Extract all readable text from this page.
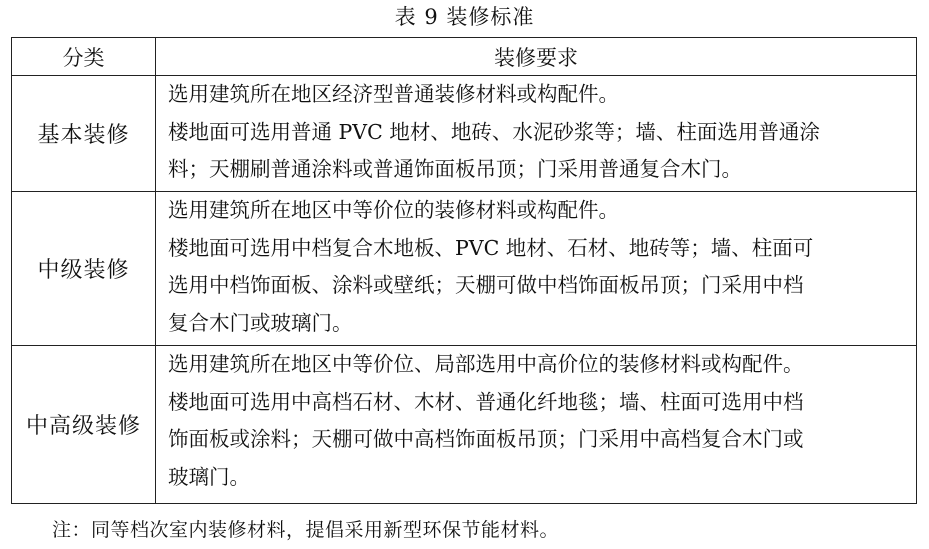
表 9 装修标准
分类	装修要求
基本装修	选用建筑所在地区经济型普通装修材料或构配件。
楼地面可选用普通 PVC 地材、地砖、水泥砂浆等；墙、柱面选用普通涂
料；天棚刷普通涂料或普通饰面板吊顶；门采用普通复合木门。

中级装修	选用建筑所在地区中等价位的装修材料或构配件。
楼地面可选用中档复合木地板、PVC 地材、石材、地砖等；墙、柱面可
选用中档饰面板、涂料或壁纸；天棚可做中档饰面板吊顶；门采用中档
复合木门或玻璃门。

中高级装修	选用建筑所在地区中等价位、局部选用中高价位的装修材料或构配件。
楼地面可选用中高档石材、木材、普通化纤地毯；墙、柱面可选用中档
饰面板或涂料；天棚可做中高档饰面板吊顶；门采用中高档复合木门或
玻璃门。
注：同等档次室内装修材料，提倡采用新型环保节能材料。
